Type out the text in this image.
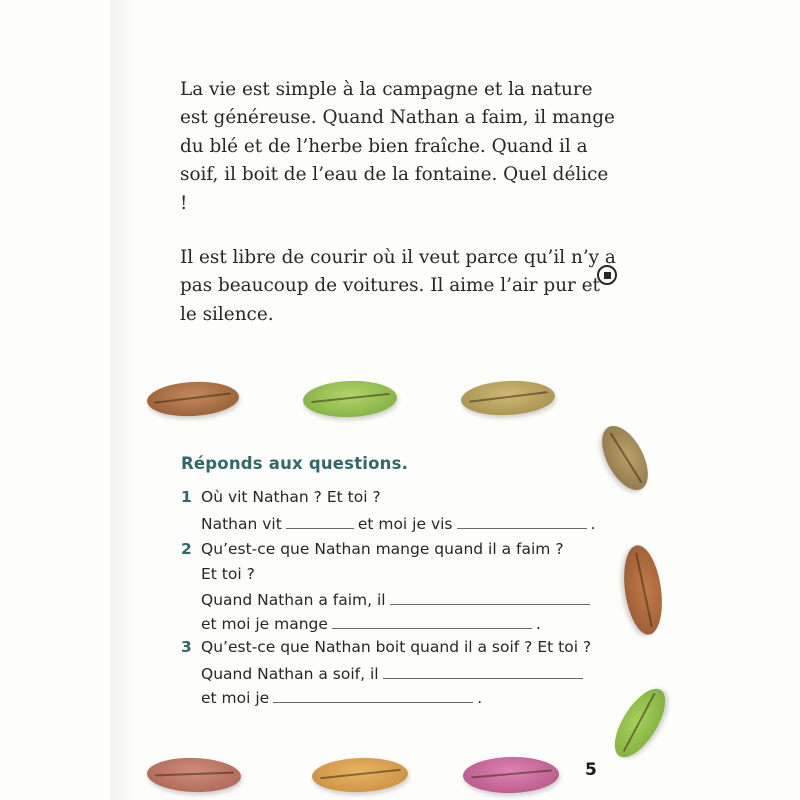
La vie est simple à la campagne et la nature est généreuse. Quand Nathan a faim, il mange du blé et de l’herbe bien fraîche. Quand il a soif, il boit de l’eau de la fontaine. Quel délice !

Il est libre de courir où il veut parce qu’il n’y a pas beaucoup de voitures. Il aime l’air pur et le silence.

Réponds aux questions.
1 Où vit Nathan ? Et toi ?
Nathan vit	et moi je vis	.
2 Qu’est-ce que Nathan mange quand il a faim ?
Et toi ?
Quand Nathan a faim, il
et moi je mange	.
3 Qu’est-ce que Nathan boit quand il a soif ? Et toi ?
Quand Nathan a soif, il
et moi je	.
5
